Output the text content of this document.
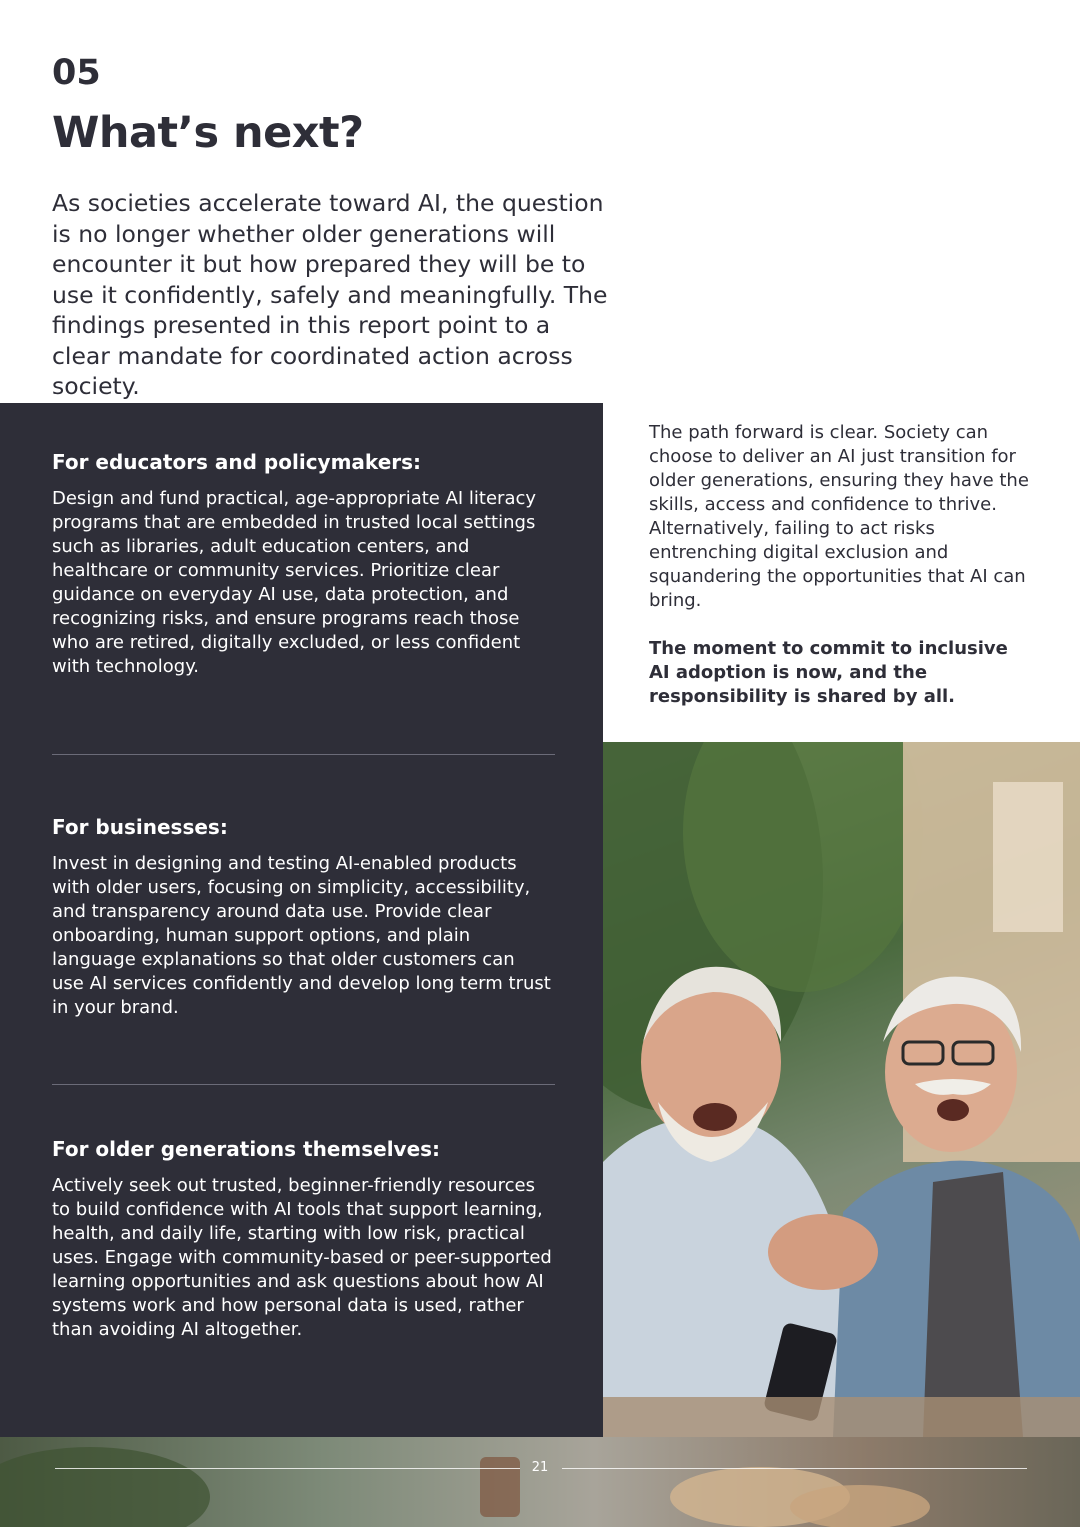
05
What’s next?
As societies accelerate toward AI, the question is no longer whether older generations will encounter it but how prepared they will be to use it confidently, safely and meaningfully. The findings presented in this report point to a clear mandate for coordinated action across society.
For educators and policymakers:

Design and fund practical, age-appropriate AI literacy programs that are embedded in trusted local settings such as libraries, adult education centers, and healthcare or community services. Prioritize clear guidance on everyday AI use, data protection, and recognizing risks, and ensure programs reach those who are retired, digitally excluded, or less confident with technology.

For businesses:

Invest in designing and testing AI-enabled products with older users, focusing on simplicity, accessibility, and transparency around data use. Provide clear onboarding, human support options, and plain language explanations so that older customers can use AI services confidently and develop long term trust in your brand.

For older generations themselves:

Actively seek out trusted, beginner-friendly resources to build confidence with AI tools that support learning, health, and daily life, starting with low risk, practical uses. Engage with community-based or peer-supported learning opportunities and ask questions about how AI systems work and how personal data is used, rather than avoiding AI altogether.

The path forward is clear. Society can choose to deliver an AI just transition for older generations, ensuring they have the skills, access and confidence to thrive. Alternatively, failing to act risks entrenching digital exclusion and squandering the opportunities that AI can bring.

The moment to commit to inclusive AI adoption is now, and the responsibility is shared by all.

21
